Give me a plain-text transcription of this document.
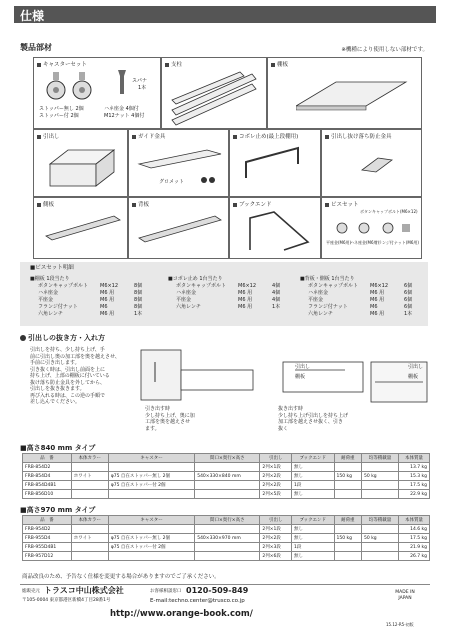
仕様
製品部材	※機種により使用しない部材です。
キャスターセット
スパナ
1本
ストッパー無し 2個
ストッパー付 2個
ハネ座金 4個付
M12ナット 4個付
支柱	棚板
引出し	ガイド金具
グロメット
コボレ止め(最上段棚用)	引出し抜け落ち防止金具
側板	背板	ブックエンド	ビスセット
ボタンキャップボルト(M6×12)
平座金(M6用)
ハネ座金(M6用)
フランジ付ナット(M6用)
■ビスセット明細
■棚板 1段当たり
ボタンキャップボルト M6×12	8個
ハネ座金	M6 用	8個
平座金	M6 用	8個
フランジ付ナット	M6	8個
六角レンチ	M6 用	1本
■コボレ止め 1台当たり
ボタンキャップボルト M6×12	4個
ハネ座金	M6 用	4個
平座金	M6 用	4個
六角レンチ	M6 用	1本
■背板・側板 1台当たり
ボタンキャップボルト M6×12	6個
ハネ座金	M6 用	6個
平座金	M6 用	6個
フランジ付ナット	M6	6個
六角レンチ	M6 用	1本
引出しの抜き方・入れ方
引出しを持ち、少し持ち上げ、手
前に引出し奥の加工部を奥を越えさせ、
手前に引き出します。
引き抜く時は、引出し前面を上に
持ち上げ、上部の棚板に付いている
抜け落ち防止金具を外してから、
引出しを抜き抜きます。
再び入れる時は、この逆の手順で
差し込んでください。
引出し
棚板
引出し
棚板
引き出す時
少し持ち上げ、奥に加
工部を奥を越えさせ
ます。
抜き出す時
少し持ち上げ引出しを持ち上げ
加工部を越えさせ抜く、引き
抜く
■高さ840 mm タイプ
品　番	本体カラー	キャスター	間口×奥行×高さ	引出し	ブックエンド	耐荷重	均等積載量	本体質量
FRB-854D2				2列×1段	無し			13.7 kg
FRB-854D4	ホワイト	φ75 自在ストッパー無し 2個	540×330×840 mm	2列×2段	無し	150 kg	50 kg	15.3 kg
FRB-854D4B1		φ75 自在ストッパー付 2個		2列×2段	1段			17.5 kg
FRB-856D10				2列×5段	無し			22.9 kg
■高さ970 mm タイプ
品　番	本体カラー	キャスター	間口×奥行×高さ	引出し	ブックエンド	耐荷重	均等積載量	本体質量
FRB-954D2				2列×1段	無し			14.6 kg
FRB-955D4	ホワイト	φ75 自在ストッパー無し 2個	540×330×970 mm	2列×2段	無し	150 kg	50 kg	17.5 kg
FRB-955D4B1		φ75 自在ストッパー付 2個		2列×3段	1段			21.9 kg
FRB-957D12				2列×6段	無し			26.7 kg
商品改良のため、予告なく仕様を変更する場合がありますのでご了承ください。
総販売元 トラスコ中山株式会社
〒105-0004 東京都港区新橋4丁目28番1号
お客様相談窓口 0120-509-849
E-mail:techno.center@trusco.co.jp
http://www.orange-book.com/
MADE IN JAPAN
15.12-R5-初版
